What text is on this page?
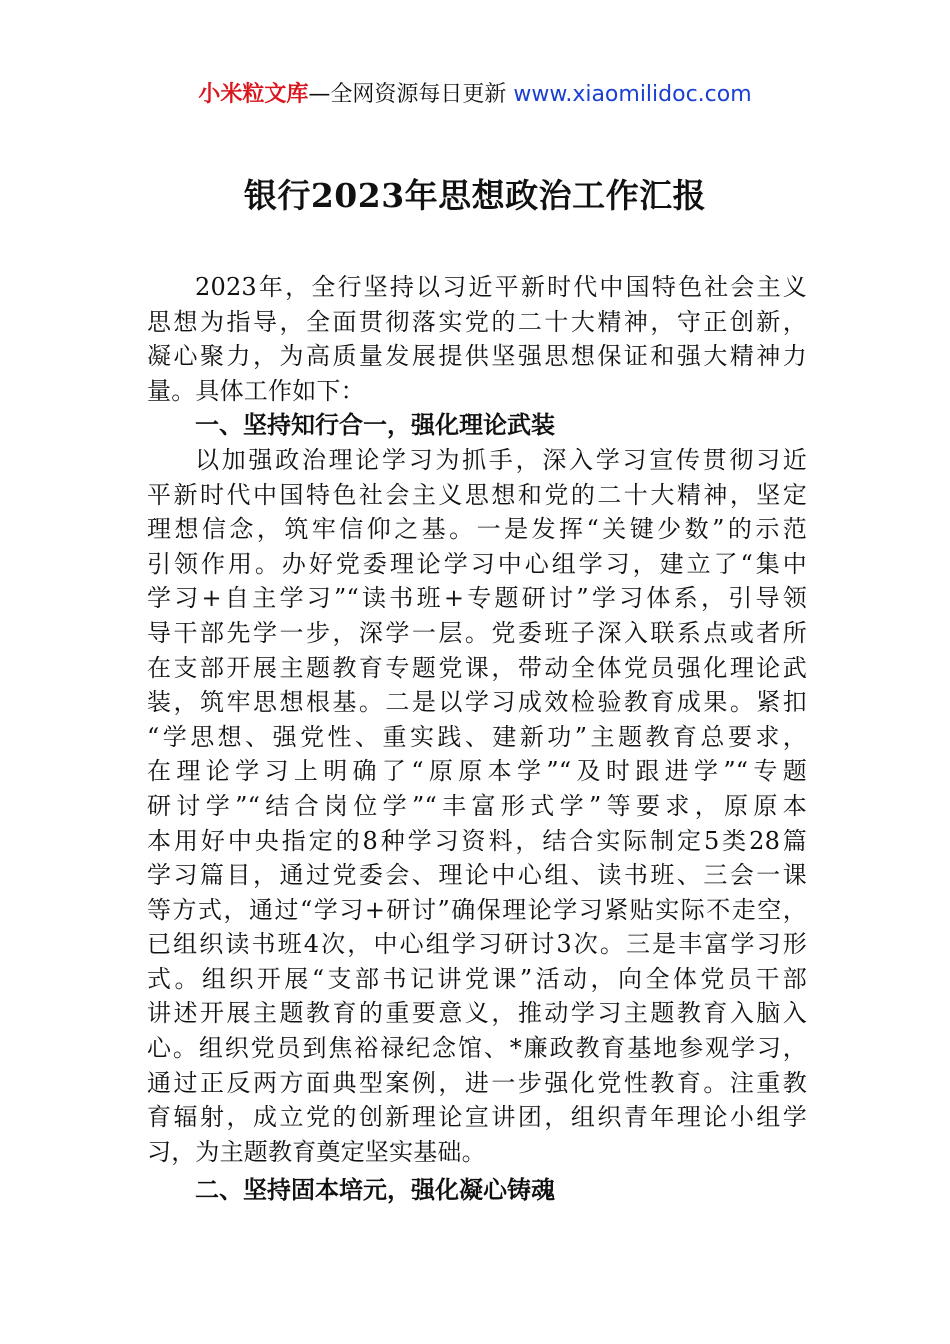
小米粒文库—全网资源每日更新 www.xiaomilidoc.com
银行2023年思想政治工作汇报
2023年，全行坚持以习近平新时代中国特色社会主义
思想为指导，全面贯彻落实党的二十大精神，守正创新，
凝心聚力，为高质量发展提供坚强思想保证和强大精神力
量。具体工作如下：
一、坚持知行合一，强化理论武装
以加强政治理论学习为抓手，深入学习宣传贯彻习近
平新时代中国特色社会主义思想和党的二十大精神，坚定
理想信念，筑牢信仰之基。一是发挥“关键少数”的示范
引领作用。办好党委理论学习中心组学习，建立了“集中
学习+自主学习”“读书班+专题研讨”学习体系，引导领
导干部先学一步，深学一层。党委班子深入联系点或者所
在支部开展主题教育专题党课，带动全体党员强化理论武
装，筑牢思想根基。二是以学习成效检验教育成果。紧扣
“学思想、强党性、重实践、建新功”主题教育总要求，
在理论学习上明确了“原原本学”“及时跟进学”“专题
研讨学”“结合岗位学”“丰富形式学”等要求，原原本
本用好中央指定的8种学习资料，结合实际制定5类28篇
学习篇目，通过党委会、理论中心组、读书班、三会一课
等方式，通过“学习+研讨”确保理论学习紧贴实际不走空，
已组织读书班4次，中心组学习研讨3次。三是丰富学习形
式。组织开展“支部书记讲党课”活动，向全体党员干部
讲述开展主题教育的重要意义，推动学习主题教育入脑入
心。组织党员到焦裕禄纪念馆、*廉政教育基地参观学习，
通过正反两方面典型案例，进一步强化党性教育。注重教
育辐射，成立党的创新理论宣讲团，组织青年理论小组学
习，为主题教育奠定坚实基础。
二、坚持固本培元，强化凝心铸魂
